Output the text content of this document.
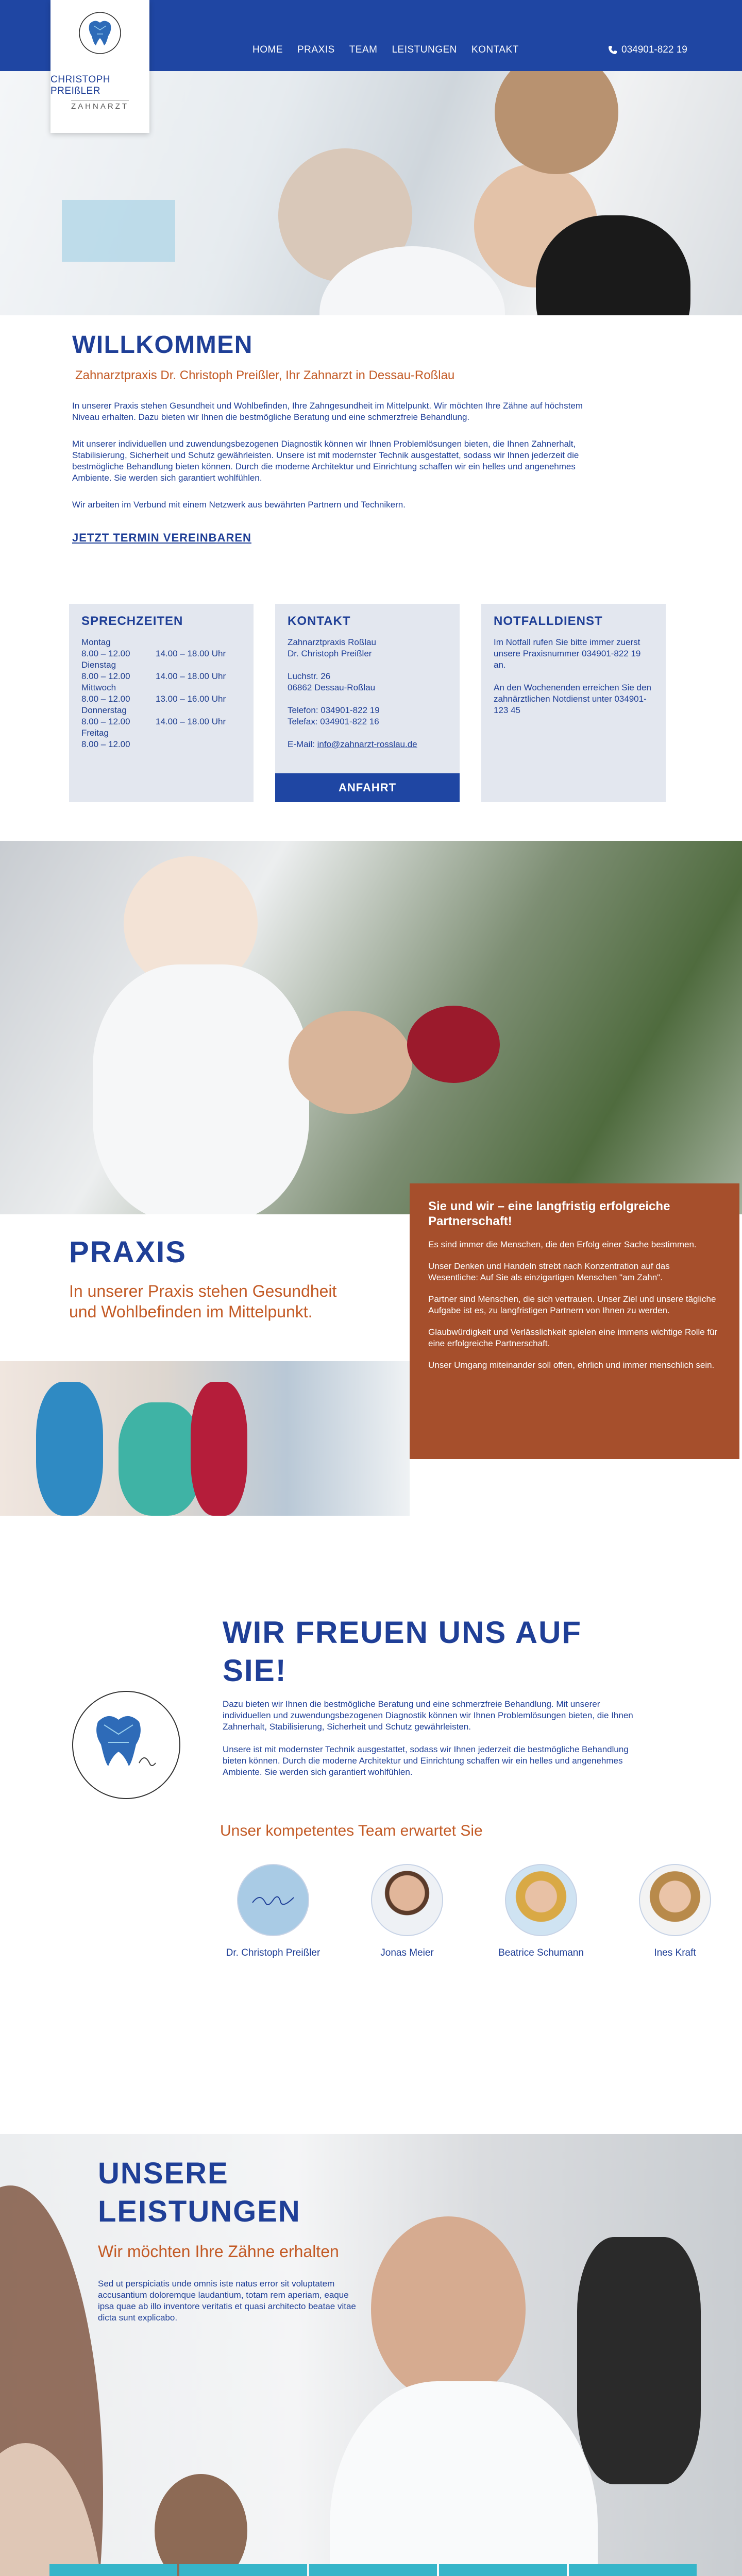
CHRISTOPH PREIßLER
ZAHNARZT
HOME PRAXIS TEAM LEISTUNGEN KONTAKT	034901-822 19
WILLKOMMEN
Zahnarztpraxis Dr. Christoph Preißler, Ihr Zahnarzt in Dessau-Roßlau

In unserer Praxis stehen Gesundheit und Wohlbefinden, Ihre Zahngesundheit im Mittelpunkt. Wir möchten Ihre Zähne auf höchstem Niveau erhalten. Dazu bieten wir Ihnen die bestmögliche Beratung und eine schmerzfreie Behandlung.

Mit unserer individuellen und zuwendungsbezogenen Diagnostik können wir Ihnen Problemlösungen bieten, die Ihnen Zahnerhalt, Stabilisierung, Sicherheit und Schutz gewährleisten. Unsere ist mit modernster Technik ausgestattet, sodass wir Ihnen jederzeit die bestmögliche Behandlung bieten können. Durch die moderne Architektur und Einrichtung schaffen wir ein helles und angenehmes Ambiente. Sie werden sich garantiert wohlfühlen.

Wir arbeiten im Verbund mit einem Netzwerk aus bewährten Partnern und Technikern.

JETZT TERMIN VEREINBAREN
SPRECHZEITEN
Montag
8.00 – 12.00	14.00 – 18.00 Uhr
Dienstag
8.00 – 12.00	14.00 – 18.00 Uhr
Mittwoch
8.00 – 12.00	13.00 – 16.00 Uhr
Donnerstag
8.00 – 12.00	14.00 – 18.00 Uhr
Freitag
8.00 – 12.00
KONTAKT

Zahnarztpraxis Roßlau

Dr. Christoph Preißler

Luchstr. 26

06862 Dessau-Roßlau

Telefon: 034901-822 19

Telefax: 034901-822 16

E-Mail: info@zahnarzt-rosslau.de

ANFAHRT
NOTFALLDIENST

Im Notfall rufen Sie bitte immer zuerst unsere Praxisnummer 034901-822 19 an.

An den Wochenenden erreichen Sie den zahnärztlichen Notdienst unter 034901-123 45

PRAXIS

In unserer Praxis stehen Gesundheit und Wohlbefinden im Mittelpunkt.

Sie und wir – eine langfristig erfolgreiche Partnerschaft!

Es sind immer die Menschen, die den Erfolg einer Sache bestimmen.

Unser Denken und Handeln strebt nach Konzentration auf das Wesentliche: Auf Sie als einzigartigen Menschen "am Zahn".

Partner sind Menschen, die sich vertrauen. Unser Ziel und unsere tägliche Aufgabe ist es, zu langfristigen Partnern von Ihnen zu werden.

Glaubwürdigkeit und Verlässlichkeit spielen eine immens wichtige Rolle für eine erfolgreiche Partnerschaft.

Unser Umgang miteinander soll offen, ehrlich und immer menschlich sein.

WIR FREUEN UNS AUF SIE!

Dazu bieten wir Ihnen die bestmögliche Beratung und eine schmerzfreie Behandlung. Mit unserer individuellen und zuwendungsbezogenen Diagnostik können wir Ihnen Problemlösungen bieten, die Ihnen Zahnerhalt, Stabilisierung, Sicherheit und Schutz gewährleisten.

Unsere ist mit modernster Technik ausgestattet, sodass wir Ihnen jederzeit die bestmögliche Behandlung bieten können. Durch die moderne Architektur und Einrichtung schaffen wir ein helles und angenehmes Ambiente. Sie werden sich garantiert wohlfühlen.

Unser kompetentes Team erwartet Sie
Dr. Christoph Preißler	Jonas Meier	Beatrice Schumann	Ines Kraft
UNSERE LEISTUNGEN
Wir möchten Ihre Zähne erhalten

Sed ut perspiciatis unde omnis iste natus error sit voluptatem accusantium doloremque laudantium, totam rem aperiam, eaque ipsa quae ab illo inventore veritatis et quasi architecto beatae vitae dicta sunt explicabo.
